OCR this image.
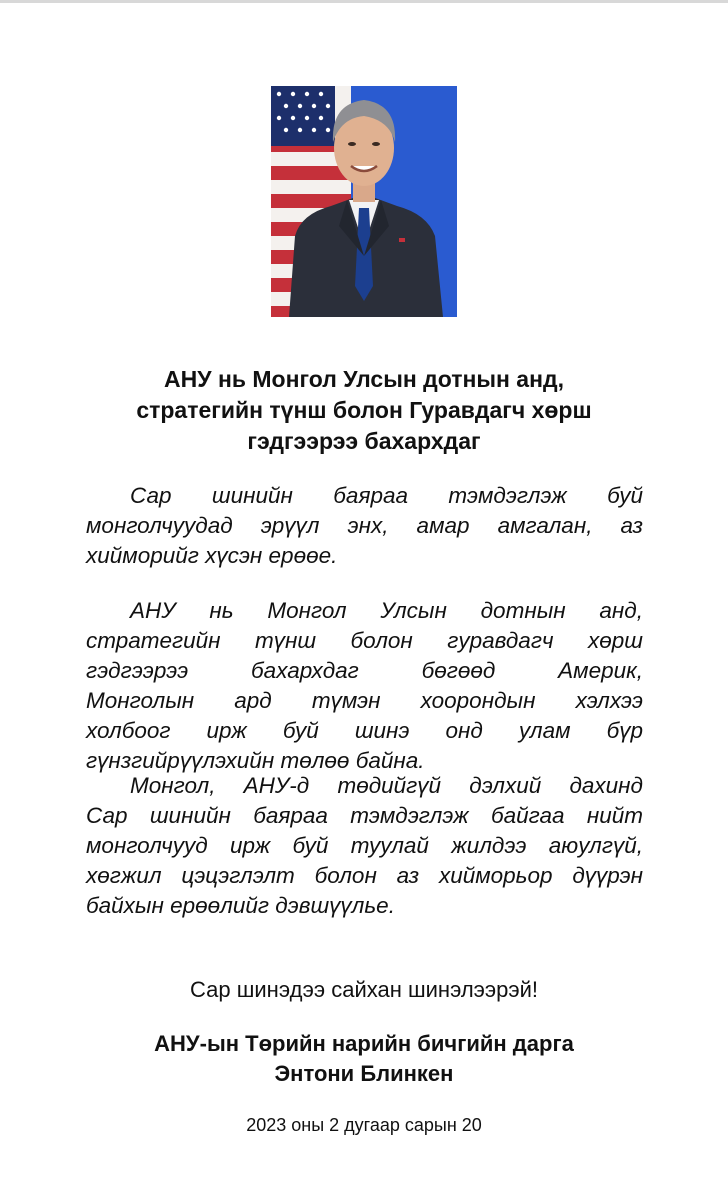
АНУ нь Монгол Улсын дотнын анд,
стратегийн түнш болон Гуравдагч хөрш
гэдгээрээ бахархдаг

Сар шинийн баяраа тэмдэглэж буй
монголчуудад эрүүл энх, амар амгалан, аз
хийморийг хүсэн ерөөе.

АНУ нь Монгол Улсын дотнын анд,
стратегийн түнш болон гуравдагч хөрш
гэдгээрээ бахархдаг бөгөөд Америк,
Монголын ард түмэн хоорондын хэлхээ
холбоог ирж буй шинэ онд улам бүр
гүнзгийрүүлэхийн төлөө байна.

Монгол, АНУ-д төдийгүй дэлхий дахинд
Сар шинийн баяраа тэмдэглэж байгаа нийт
монголчууд ирж буй туулай жилдээ аюулгүй,
хөгжил цэцэглэлт болон аз хийморьор дүүрэн
байхын ерөөлийг дэвшүүлье.

Сар шинэдээ сайхан шинэлээрэй!
АНУ-ын Төрийн нарийн бичгийн дарга
Энтони Блинкен
2023 оны 2 дугаар сарын 20
